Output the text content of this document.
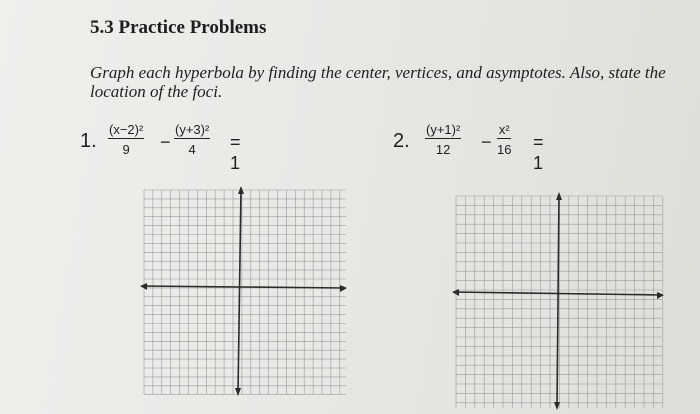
5.3 Practice Problems

Graph each hyperbola by finding the center, vertices, and asymptotes. Also, state the location of the foci.

1. $\frac{\text{(x−2)²}}{9} - \frac{\text{(y+3)²}}{4} = 1$
2. $\frac{\text{(y+1)²}}{12} - \frac{\text{x²}}{16} = 1$
